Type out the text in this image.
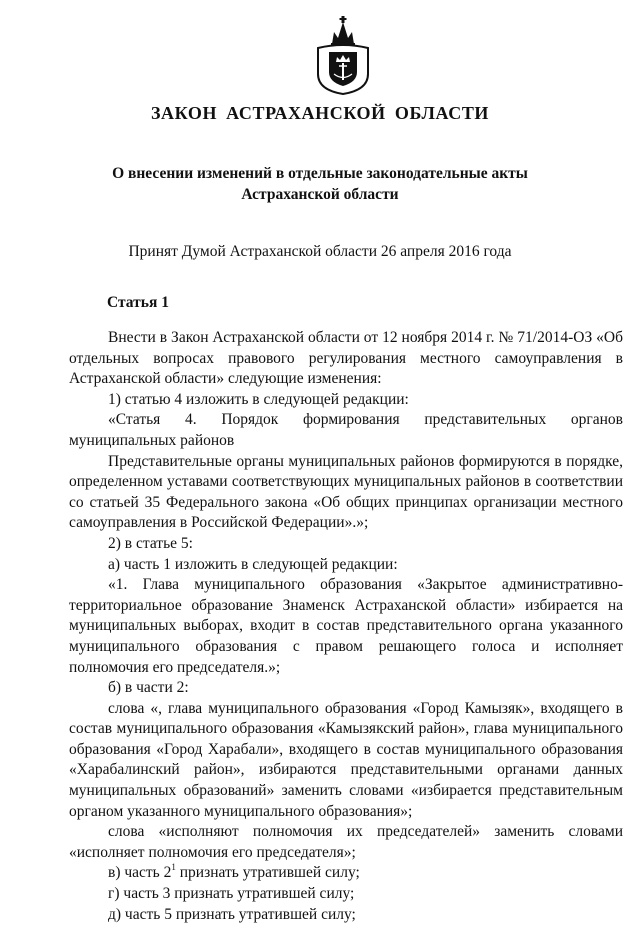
ЗАКОН АСТРАХАНСКОЙ ОБЛАСТИ
О внесении изменений в отдельные законодательные акты
Астраханской области
Принят Думой Астраханской области 26 апреля 2016 года
Статья 1

Внести в Закон Астраханской области от 12 ноября 2014 г. № 71/2014-ОЗ «Об отдельных вопросах правового регулирования местного самоуправления в Астраханской области» следующие изменения:

1) статью 4 изложить в следующей редакции:

«Статья 4. Порядок формирования представительных органов муниципальных районов

Представительные органы муниципальных районов формируются в порядке, определенном уставами соответствующих муниципальных районов в соответствии со статьей 35 Федерального закона «Об общих принципах организации местного самоуправления в Российской Федерации».»;

2) в статье 5:

а) часть 1 изложить в следующей редакции:

«1. Глава муниципального образования «Закрытое административно-территориальное образование Знаменск Астраханской области» избирается на муниципальных выборах, входит в состав представительного органа указанного муниципального образования с правом решающего голоса и исполняет полномочия его председателя.»;

б) в части 2:

слова «, глава муниципального образования «Город Камызяк», входящего в состав муниципального образования «Камызякский район», глава муниципального образования «Город Харабали», входящего в состав муниципального образования «Харабалинский район», избираются представительными органами данных муниципальных образований» заменить словами «избирается представительным органом указанного муниципального образования»;

слова «исполняют полномочия их председателей» заменить словами «исполняет полномочия его председателя»;

в) часть $2^1$ признать утратившей силу;

г) часть 3 признать утратившей силу;

д) часть 5 признать утратившей силу;
